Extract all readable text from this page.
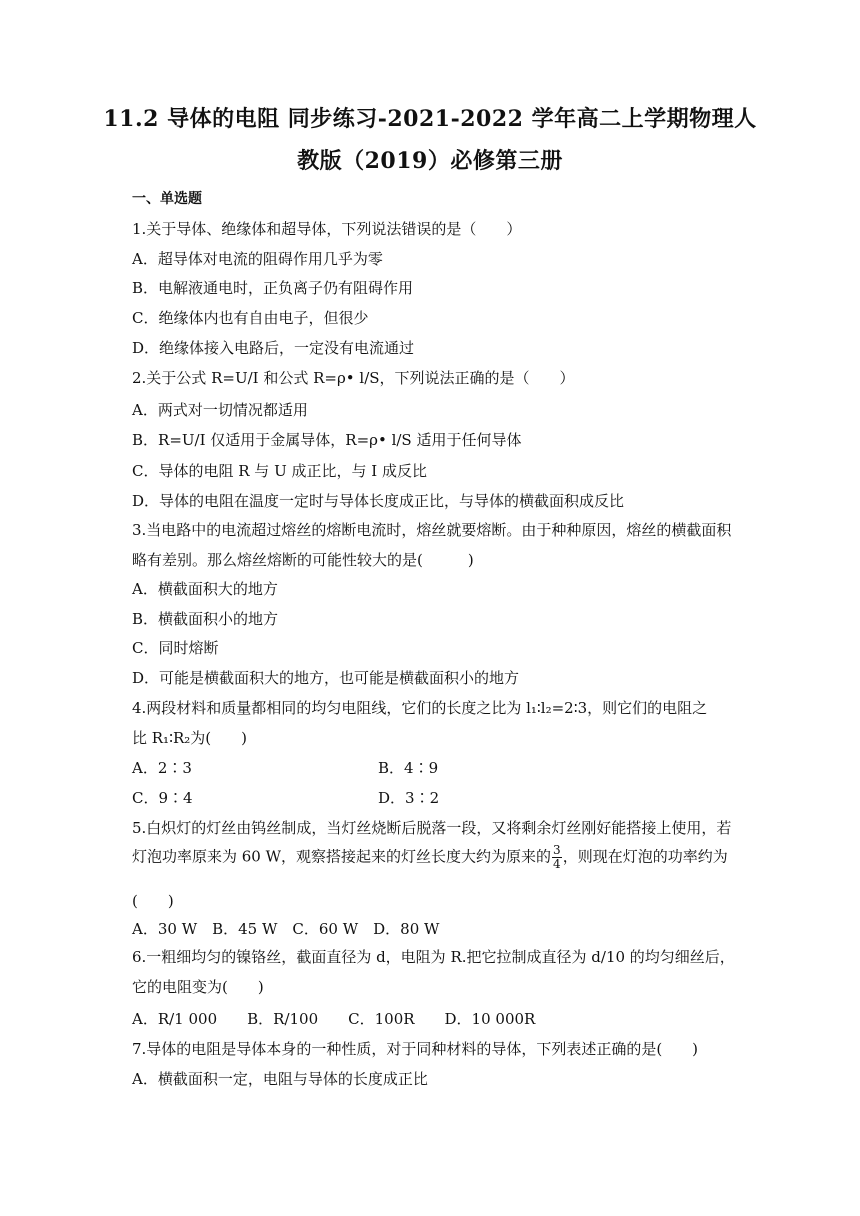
11.2 导体的电阻 同步练习-2021-2022 学年高二上学期物理人
教版（2019）必修第三册
一、单选题
1.关于导体、绝缘体和超导体，下列说法错误的是（　　）
A．超导体对电流的阻碍作用几乎为零
B．电解液通电时，正负离子仍有阻碍作用
C．绝缘体内也有自由电子，但很少
D．绝缘体接入电路后，一定没有电流通过
2.关于公式 R=U/I 和公式 R=ρ• l/S，下列说法正确的是（　　）
A．两式对一切情况都适用
B．R=U/I 仅适用于金属导体，R=ρ• l/S 适用于任何导体
C．导体的电阻 R 与 U 成正比，与 I 成反比
D．导体的电阻在温度一定时与导体长度成正比，与导体的横截面积成反比
3.当电路中的电流超过熔丝的熔断电流时，熔丝就要熔断。由于种种原因，熔丝的横截面积
略有差别。那么熔丝熔断的可能性较大的是(　　　)
A．横截面积大的地方
B．横截面积小的地方
C．同时熔断
D．可能是横截面积大的地方，也可能是横截面积小的地方
4.两段材料和质量都相同的均匀电阻线，它们的长度之比为 l₁∶l₂=2∶3，则它们的电阻之
比 R₁∶R₂为(　　)
A．2∶3	B．4∶9
C．9∶4	D．3∶2
5.白炽灯的灯丝由钨丝制成，当灯丝烧断后脱落一段，又将剩余灯丝刚好能搭接上使用，若
灯泡功率原来为 60 W，观察搭接起来的灯丝长度大约为原来的 $\frac{3}{4}$ ，则现在灯泡的功率约为
(　　)
A．30 W　B．45 W　C．60 W　D．80 W
6.一粗细均匀的镍铬丝，截面直径为 d，电阻为 R.把它拉制成直径为 d/10 的均匀细丝后，
它的电阻变为(　　)
A．R/1 000　　B．R/100　　C．100R　　D．10 000R
7.导体的电阻是导体本身的一种性质，对于同种材料的导体，下列表述正确的是(　　)
A．横截面积一定，电阻与导体的长度成正比
